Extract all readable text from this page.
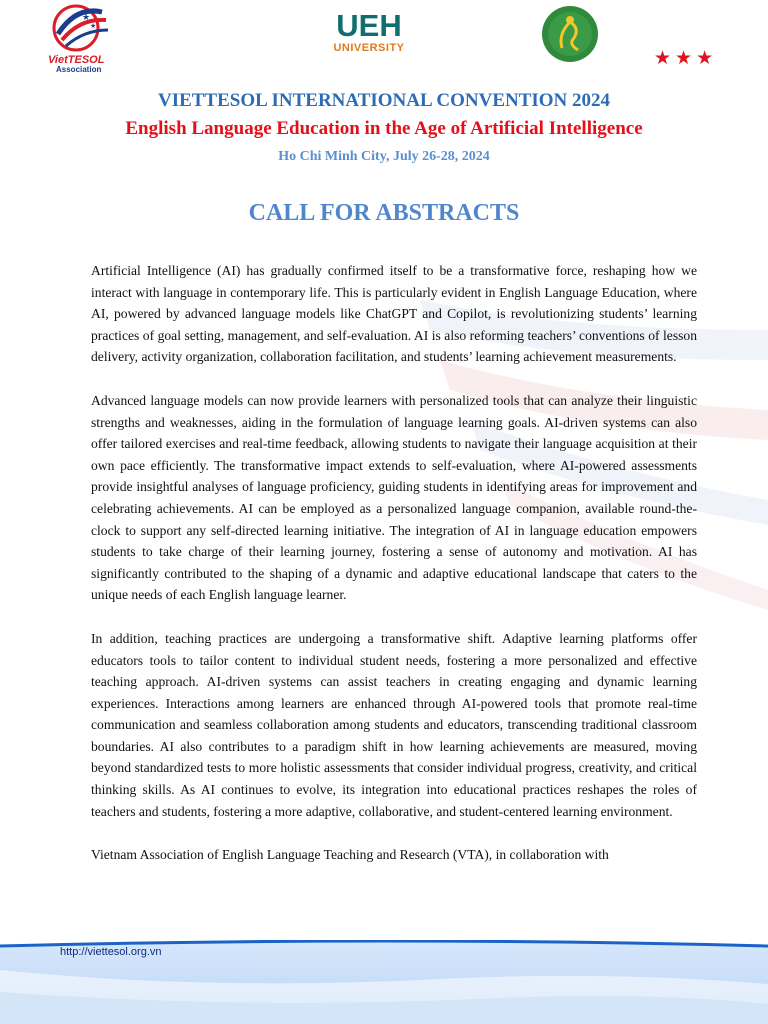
★
★
VietTESOL
Association
UEH
UNIVERSITY	★★★

VIETTESOL INTERNATIONAL CONVENTION 2024

English Language Education in the Age of Artificial Intelligence

Ho Chi Minh City, July 26-28, 2024

CALL FOR ABSTRACTS

Artificial Intelligence (AI) has gradually confirmed itself to be a transformative force, reshaping how we interact with language in contemporary life. This is particularly evident in English Language Education, where AI, powered by advanced language models like ChatGPT and Copilot, is revolutionizing students’ learning practices of goal setting, management, and self-evaluation. AI is also reforming teachers’ conventions of lesson delivery, activity organization, collaboration facilitation, and students’ learning achievement measurements.

Advanced language models can now provide learners with personalized tools that can analyze their linguistic strengths and weaknesses, aiding in the formulation of language learning goals. AI-driven systems can also offer tailored exercises and real-time feedback, allowing students to navigate their language acquisition at their own pace efficiently. The transformative impact extends to self-evaluation, where AI-powered assessments provide insightful analyses of language proficiency, guiding students in identifying areas for improvement and celebrating achievements. AI can be employed as a personalized language companion, available round-the-clock to support any self-directed learning initiative. The integration of AI in language education empowers students to take charge of their learning journey, fostering a sense of autonomy and motivation. AI has significantly contributed to the shaping of a dynamic and adaptive educational landscape that caters to the unique needs of each English language learner.

In addition, teaching practices are undergoing a transformative shift. Adaptive learning platforms offer educators tools to tailor content to individual student needs, fostering a more personalized and effective teaching approach. AI-driven systems can assist teachers in creating engaging and dynamic learning experiences. Interactions among learners are enhanced through AI-powered tools that promote real-time communication and seamless collaboration among students and educators, transcending traditional classroom boundaries. AI also contributes to a paradigm shift in how learning achievements are measured, moving beyond standardized tests to more holistic assessments that consider individual progress, creativity, and critical thinking skills. As AI continues to evolve, its integration into educational practices reshapes the roles of teachers and students, fostering a more adaptive, collaborative, and student-centered learning environment.

Vietnam Association of English Language Teaching and Research (VTA), in collaboration with

http://viettesol.org.vn
